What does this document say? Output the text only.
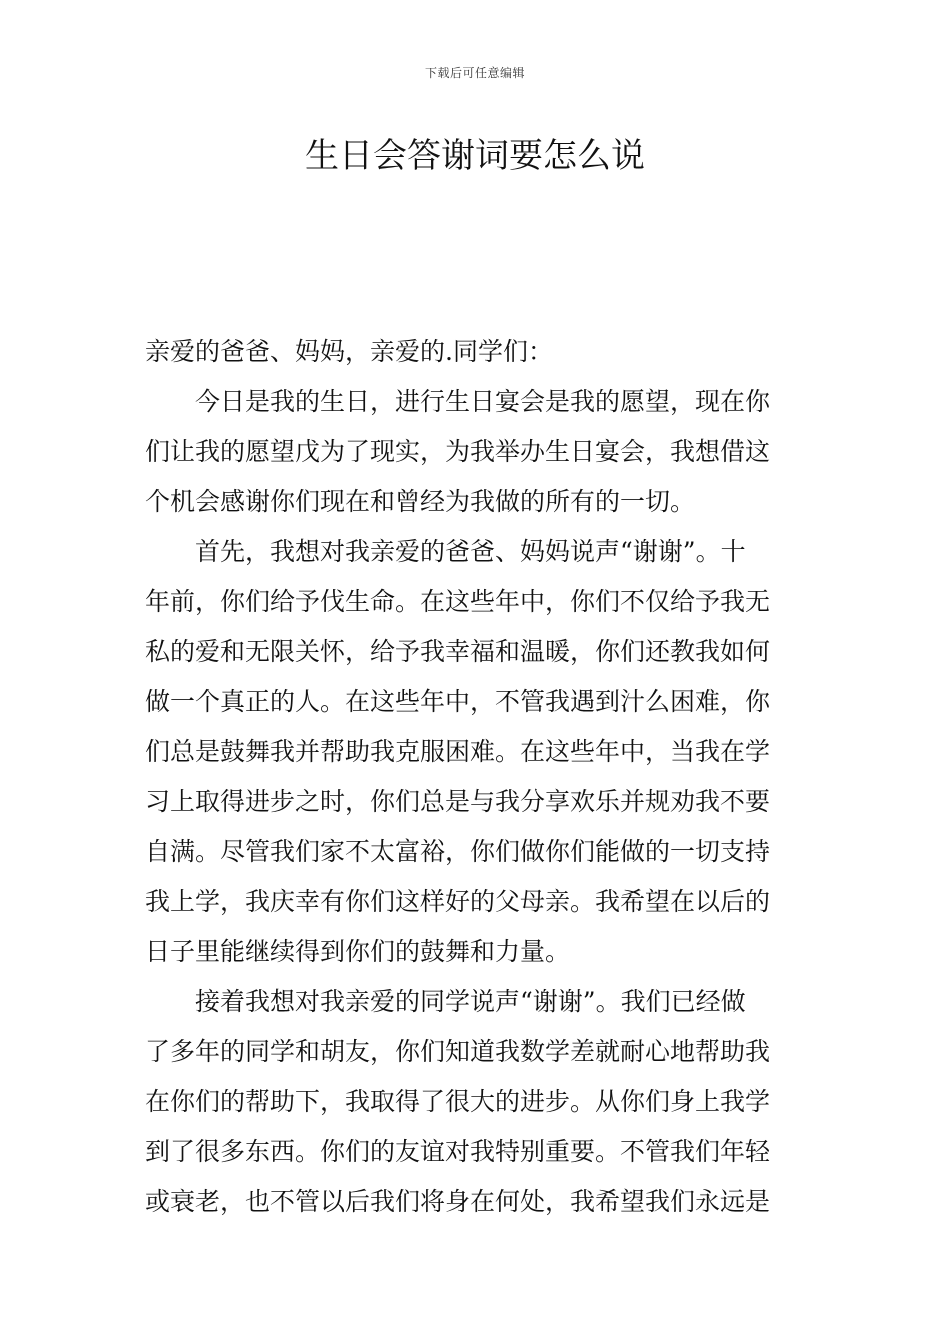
下载后可任意编辑
生日会答谢词要怎么说
亲爱的爸爸、妈妈，亲爱的.同学们：
今日是我的生日，进行生日宴会是我的愿望，现在你
们让我的愿望戊为了现实，为我举办生日宴会，我想借这
个机会感谢你们现在和曾经为我做的所有的一切。
首先，我想对我亲爱的爸爸、妈妈说声“谢谢”。十
年前，你们给予伐生命。在这些年中，你们不仅给予我无
私的爱和无限关怀，给予我幸福和温暖，你们还教我如何
做一个真正的人。在这些年中，不管我遇到汁么困难，你
们总是鼓舞我并帮助我克服困难。在这些年中，当我在学
习上取得进步之时，你们总是与我分享欢乐并规劝我不要
自满。尽管我们家不太富裕，你们做你们能做的一切支持
我上学，我庆幸有你们这样好的父母亲。我希望在以后的
日子里能继续得到你们的鼓舞和力量。
接着我想对我亲爱的同学说声“谢谢”。我们已经做
了多年的同学和胡友，你们知道我数学差就耐心地帮助我
在你们的帮助下，我取得了很大的进步。从你们身上我学
到了很多东西。你们的友谊对我特别重要。不管我们年轻
或衰老，也不管以后我们将身在何处，我希望我们永远是
